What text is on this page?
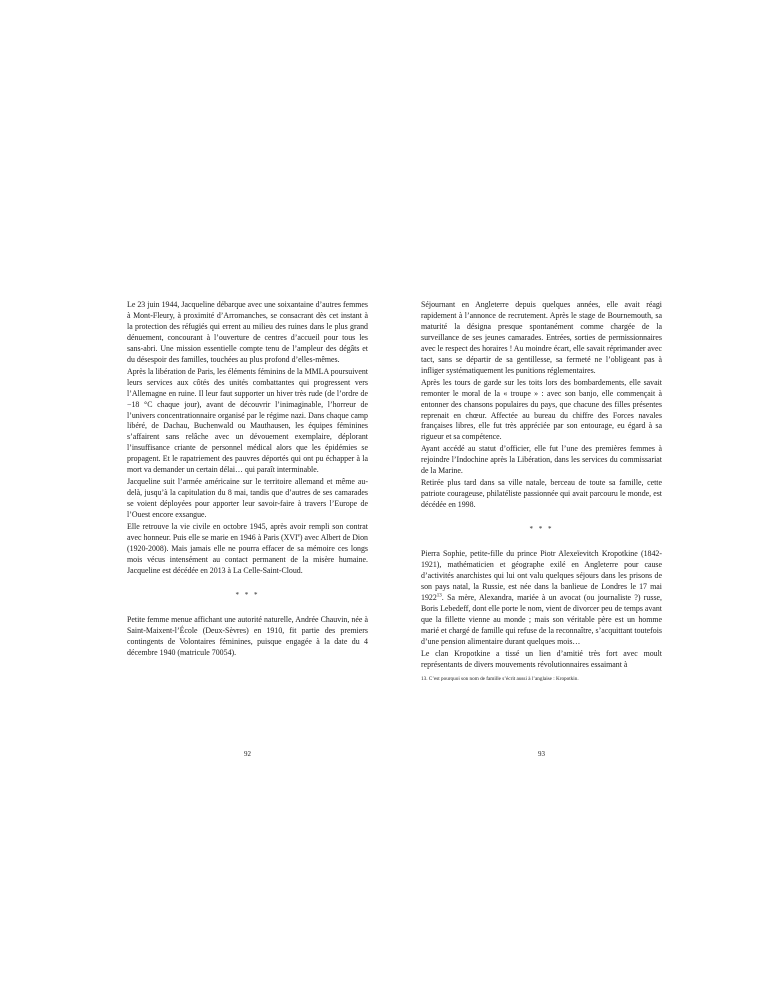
Le 23 juin 1944, Jacqueline débarque avec une soixantaine d’autres femmes à Mont-Fleury, à proximité d’Arromanches, se consacrant dès cet instant à la protection des réfugiés qui errent au milieu des ruines dans le plus grand dénuement, concourant à l’ouverture de centres d’accueil pour tous les sans-abri. Une mission essentielle compte tenu de l’ampleur des dégâts et du désespoir des familles, touchées au plus profond d’elles-mêmes.

Après la libération de Paris, les éléments féminins de la MMLA poursuivent leurs services aux côtés des unités combattantes qui progressent vers l’Allemagne en ruine. Il leur faut supporter un hiver très rude (de l’ordre de −18 °C chaque jour), avant de découvrir l’inimaginable, l’horreur de l’univers concentrationnaire organisé par le régime nazi. Dans chaque camp libéré, de Dachau, Buchenwald ou Mauthausen, les équipes féminines s’affairent sans relâche avec un dévouement exemplaire, déplorant l’insuffisance criante de personnel médical alors que les épidémies se propagent. Et le rapatriement des pauvres déportés qui ont pu échapper à la mort va demander un certain délai… qui paraît interminable.

Jacqueline suit l’armée américaine sur le territoire allemand et même au-delà, jusqu’à la capitulation du 8 mai, tandis que d’autres de ses camarades se voient déployées pour apporter leur savoir-faire à travers l’Europe de l’Ouest encore exsangue.

Elle retrouve la vie civile en octobre 1945, après avoir rempli son contrat avec honneur. Puis elle se marie en 1946 à Paris (XVIe) avec Albert de Dion (1920-2008). Mais jamais elle ne pourra effacer de sa mémoire ces longs mois vécus intensément au contact permanent de la misère humaine. Jacqueline est décédée en 2013 à La Celle-Saint-Cloud.

* * *

Petite femme menue affichant une autorité naturelle, Andrée Chauvin, née à Saint-Maixent-l’École (Deux-Sèvres) en 1910, fit partie des premiers contingents de Volontaires féminines, puisque engagée à la date du 4 décembre 1940 (matricule 70054).

92

Séjournant en Angleterre depuis quelques années, elle avait réagi rapidement à l’annonce de recrutement. Après le stage de Bournemouth, sa maturité la désigna presque spontanément comme chargée de la surveillance de ses jeunes camarades. Entrées, sorties de permissionnaires avec le respect des horaires ! Au moindre écart, elle savait réprimander avec tact, sans se départir de sa gentillesse, sa fermeté ne l’obligeant pas à infliger systématiquement les punitions réglementaires.

Après les tours de garde sur les toits lors des bombardements, elle savait remonter le moral de la « troupe » : avec son banjo, elle commençait à entonner des chansons populaires du pays, que chacune des filles présentes reprenait en chœur. Affectée au bureau du chiffre des Forces navales françaises libres, elle fut très appréciée par son entourage, eu égard à sa rigueur et sa compétence.

Ayant accédé au statut d’officier, elle fut l’une des premières femmes à rejoindre l’Indochine après la Libération, dans les services du commissariat de la Marine.

Retirée plus tard dans sa ville natale, berceau de toute sa famille, cette patriote courageuse, philatéliste passionnée qui avait parcouru le monde, est décédée en 1998.

* * *

Pierra Sophie, petite-fille du prince Piotr Alexeïevitch Kropotkine (1842-1921), mathématicien et géographe exilé en Angleterre pour cause d’activités anarchistes qui lui ont valu quelques séjours dans les prisons de son pays natal, la Russie, est née dans la banlieue de Londres le 17 mai 1922$^{13}$. Sa mère, Alexandra, mariée à un avocat (ou journaliste ?) russe, Boris Lebedeff, dont elle porte le nom, vient de divorcer peu de temps avant que la fillette vienne au monde ; mais son véritable père est un homme marié et chargé de famille qui refuse de la reconnaître, s’acquittant toutefois d’une pension alimentaire durant quelques mois…

Le clan Kropotkine a tissé un lien d’amitié très fort avec moult représentants de divers mouvements révolutionnaires essaimant à

13. C’est pourquoi son nom de famille s’écrit aussi à l’anglaise : Kropotkin.
93
